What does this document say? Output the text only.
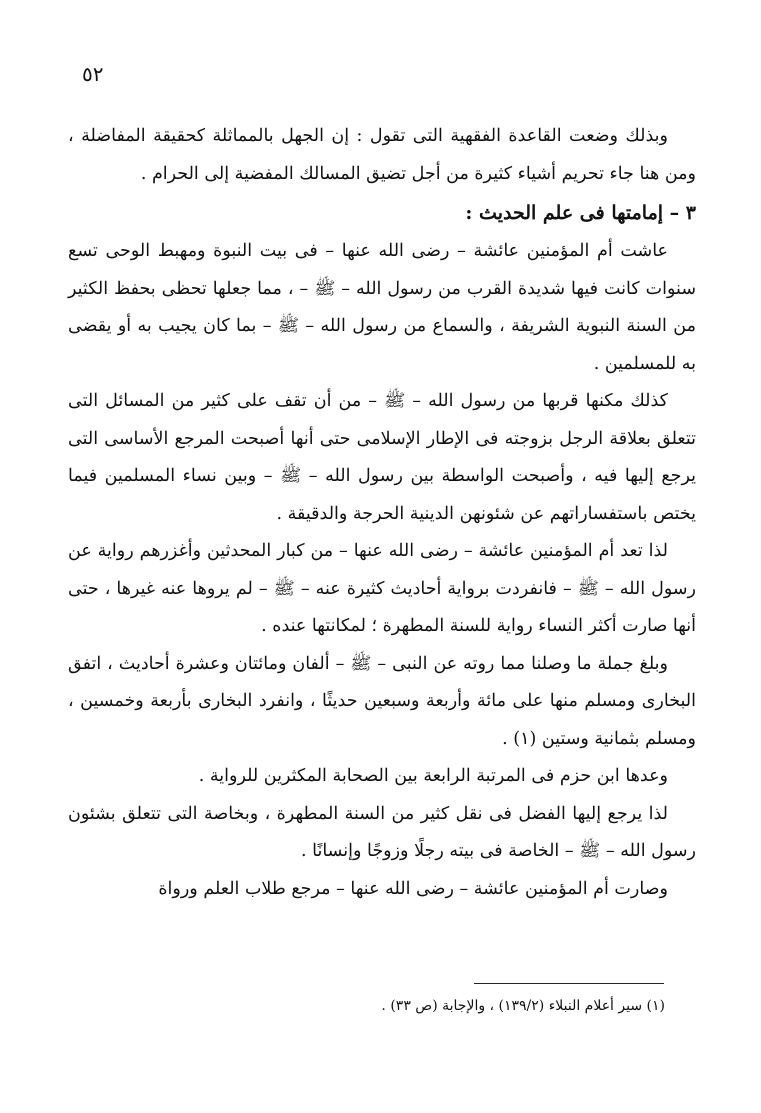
٥٢

وبذلك وضعت القاعدة الفقهية التى تقول : إن الجهل بالمماثلة كحقيقة المفاضلة ، ومن هنا جاء تحريم أشياء كثيرة من أجل تضيق المسالك المفضية إلى الحرام .

٣ – إمامتها فى علم الحديث :

عاشت أم المؤمنين عائشة – رضى الله عنها – فى بيت النبوة ومهبط الوحى تسع سنوات كانت فيها شديدة القرب من رسول الله – ﷺ – ، مما جعلها تحظى بحفظ الكثير من السنة النبوية الشريفة ، والسماع من رسول الله – ﷺ – بما كان يجيب به أو يقضى به للمسلمين .

كذلك مكنها قربها من رسول الله – ﷺ – من أن تقف على كثير من المسائل التى تتعلق بعلاقة الرجل بزوجته فى الإطار الإسلامى حتى أنها أصبحت المرجع الأساسى التى يرجع إليها فيه ، وأصبحت الواسطة بين رسول الله – ﷺ – وبين نساء المسلمين فيما يختص باستفساراتهم عن شئونهن الدينية الحرجة والدقيقة .

لذا تعد أم المؤمنين عائشة – رضى الله عنها – من كبار المحدثين وأغزرهم رواية عن رسول الله – ﷺ – فانفردت برواية أحاديث كثيرة عنه – ﷺ – لم يروها عنه غيرها ، حتى أنها صارت أكثر النساء رواية للسنة المطهرة ؛ لمكانتها عنده .

وبلغ جملة ما وصلنا مما روته عن النبى – ﷺ – ألفان ومائتان وعشرة أحاديث ، اتفق البخارى ومسلم منها على مائة وأربعة وسبعين حديثًا ، وانفرد البخارى بأربعة وخمسين ، ومسلم بثمانية وستين (١) .

وعدها ابن حزم فى المرتبة الرابعة بين الصحابة المكثرين للرواية .

لذا يرجع إليها الفضل فى نقل كثير من السنة المطهرة ، وبخاصة التى تتعلق بشئون رسول الله – ﷺ – الخاصة فى بيته رجلًا وزوجًا وإنسانًا .

وصارت أم المؤمنين عائشة – رضى الله عنها – مرجع طلاب العلم ورواة

(١) سير أعلام النبلاء (١٣٩/٢) ، والإجابة (ص ٣٣) .
